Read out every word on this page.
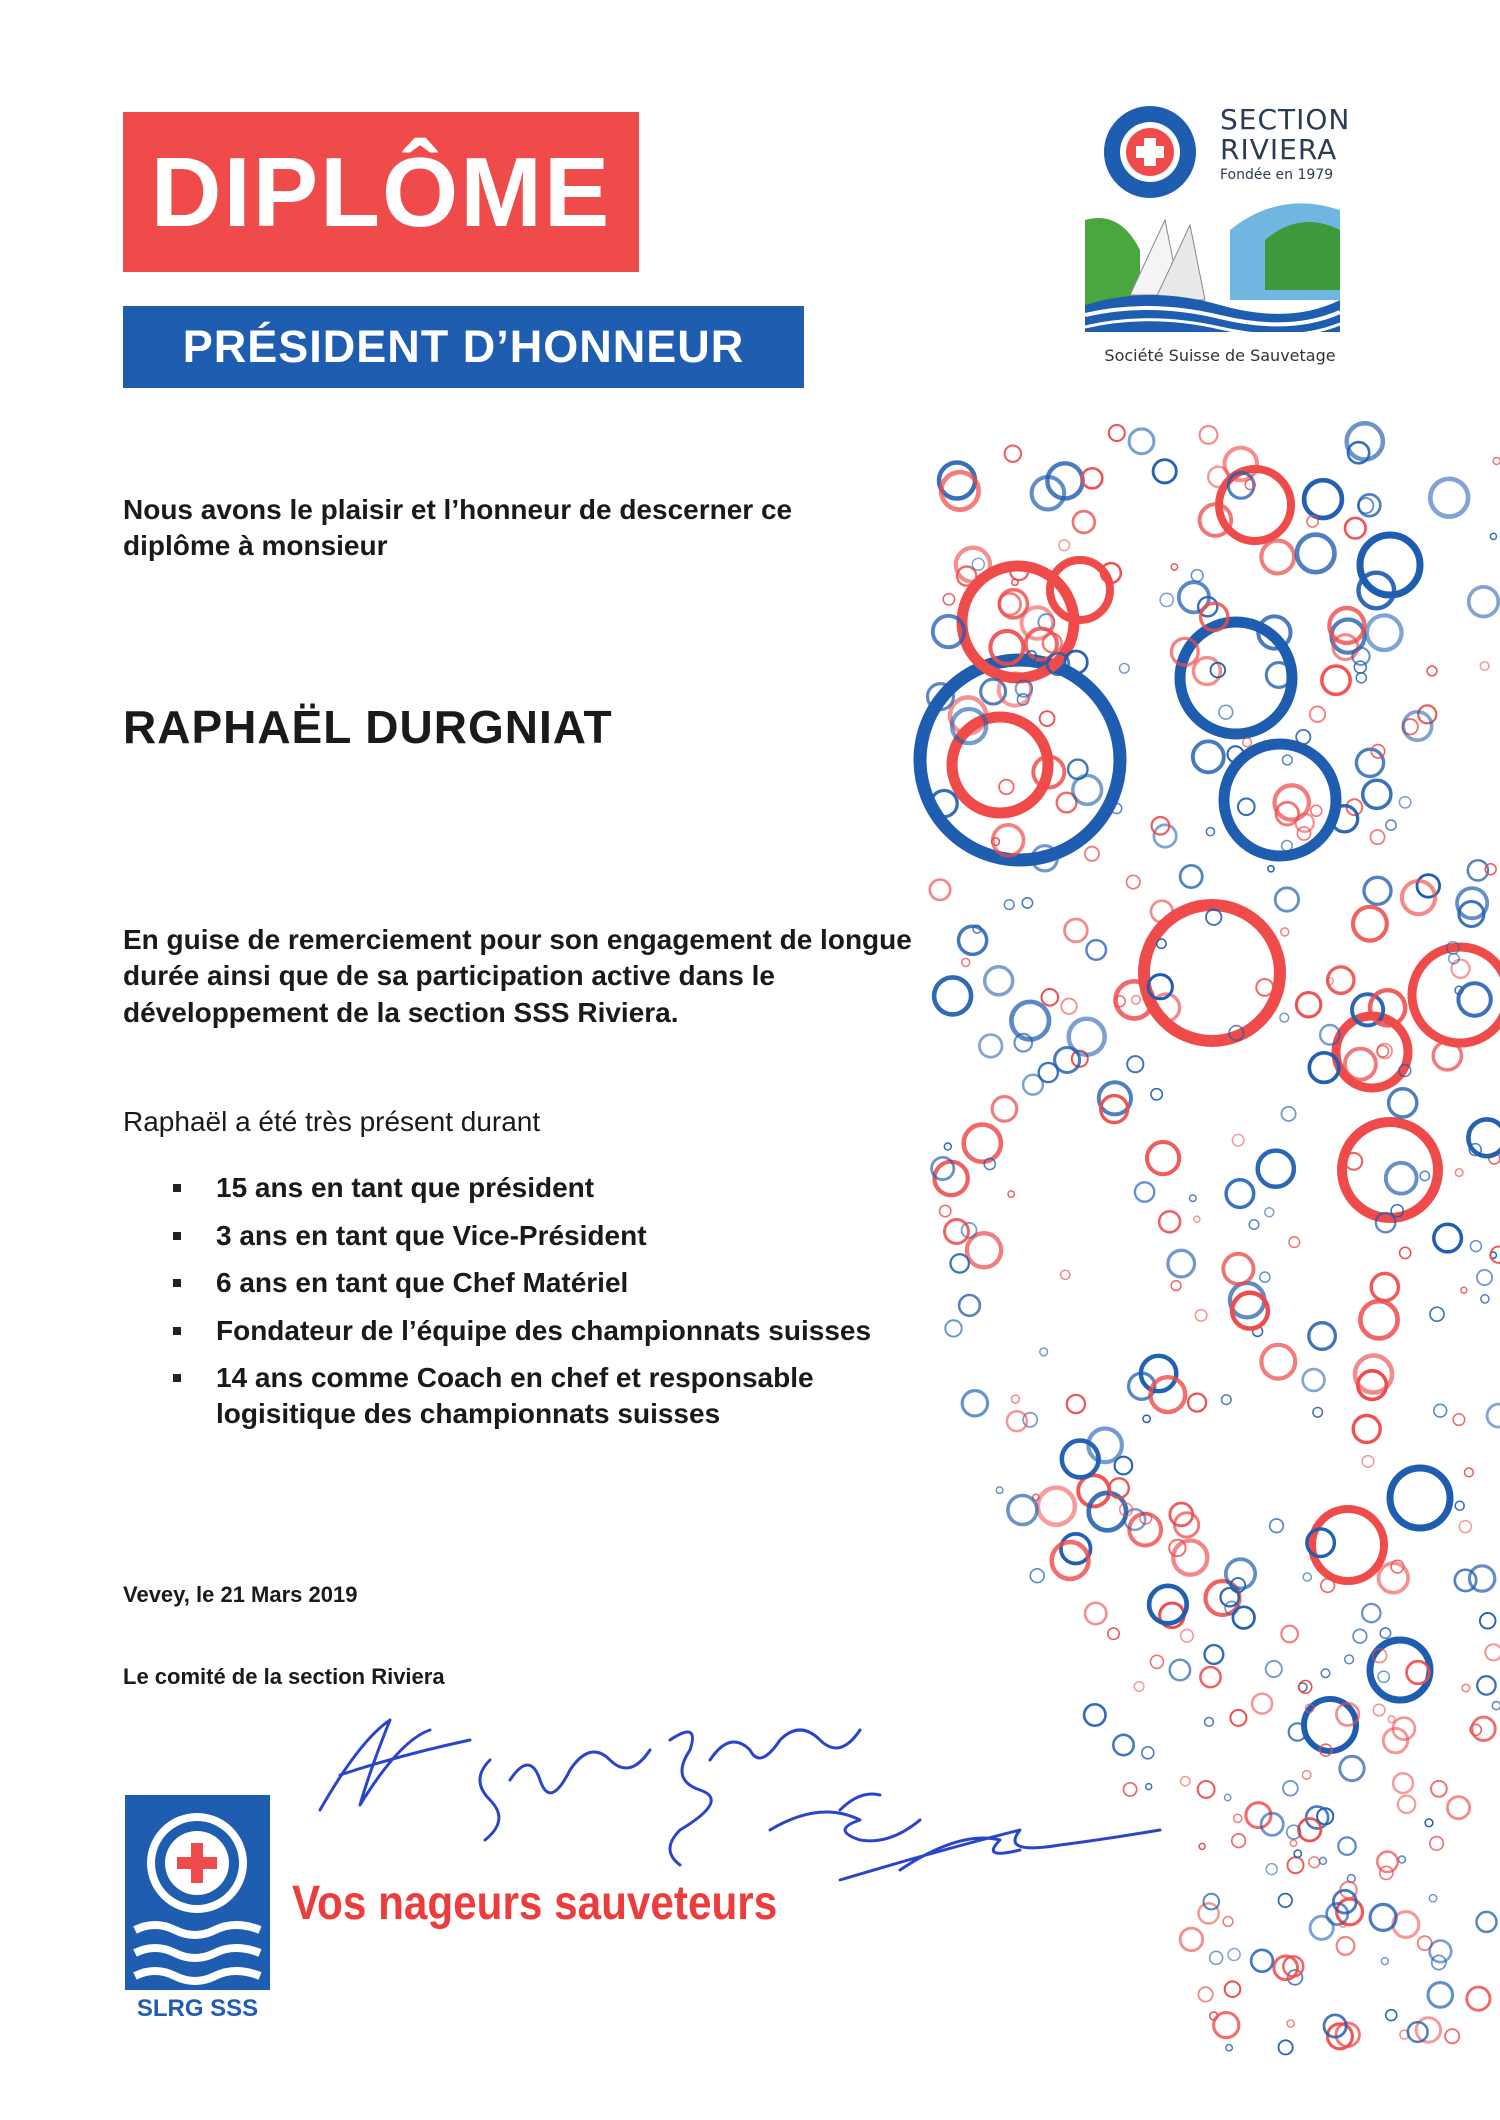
DIPLÔME
PRÉSIDENT D’HONNEUR
SECTION
RIVIERA
Fondée en 1979
Société Suisse de Sauvetage
Nous avons le plaisir et l’honneur de descerner ce diplôme à monsieur
RAPHAËL DURGNIAT
En guise de remerciement pour son engagement de longue durée ainsi que de sa participation active dans le développement de la section SSS Riviera.
Raphaël a été très présent durant
15 ans en tant que président
3 ans en tant que Vice-Président
6 ans en tant que Chef Matériel
Fondateur de l’équipe des championnats suisses
14 ans comme Coach en chef et responsable logisitique des championnats suisses
Vevey, le 21 Mars 2019
Le comité de la section Riviera
SLRG SSS
Vos nageurs sauveteurs
